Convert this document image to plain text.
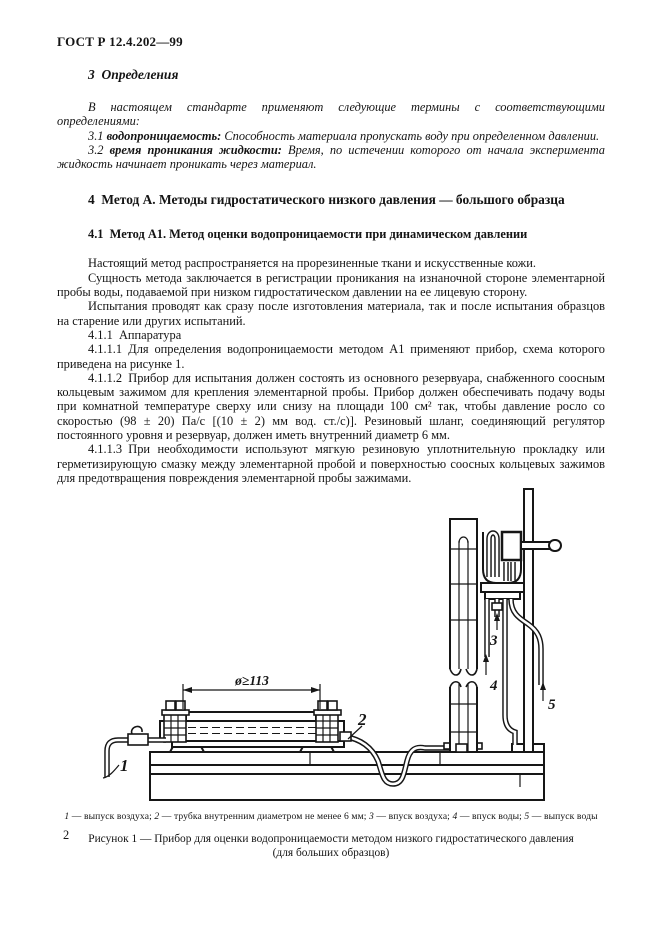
ГОСТ Р 12.4.202—99
3 Определения

В настоящем стандарте применяют следующие термины с соответствующими определениями:

3.1 водопроницаемость: Способность материала пропускать воду при определенном давлении.

3.2 время проникания жидкости: Время, по истечении которого от начала эксперимента жидкость начинает проникать через материал.

4 Метод А. Методы гидростатического низкого давления — большого образца
4.1 Метод А1. Метод оценки водопроницаемости при динамическом давлении

Настоящий метод распространяется на прорезиненные ткани и искусственные кожи.

Сущность метода заключается в регистрации проникания на изнаночной стороне элементарной пробы воды, подаваемой при низком гидростатическом давлении на ее лицевую сторону.

Испытания проводят как сразу после изготовления материала, так и после испытания образцов на старение или других испытаний.

4.1.1 Аппаратура

4.1.1.1 Для определения водопроницаемости методом А1 применяют прибор, схема которого приведена на рисунке 1.

4.1.1.2 Прибор для испытания должен состоять из основного резервуара, снабженного соосным кольцевым зажимом для крепления элементарной пробы. Прибор должен обеспечивать подачу воды при комнатной температуре сверху или снизу на площади 100 см² так, чтобы давление росло со скоростью (98 ± 20) Па/с [(10 ± 2) мм вод. ст./с)]. Резиновый шланг, соединяющий регулятор постоянного уровня и резервуар, должен иметь внутренний диаметр 6 мм.

4.1.1.3 При необходимости используют мягкую резиновую уплотнительную прокладку или герметизирующую смазку между элементарной пробой и поверхностью соосных кольцевых зажимов для предотвращения повреждения элементарной пробы зажимами.

ø≥113
1
2
3
4
5
1 — выпуск воздуха; 2 — трубка внутренним диаметром не менее 6 мм; 3 — впуск воздуха; 4 — впуск воды; 5 — выпуск воды
Рисунок 1 — Прибор для оценки водопроницаемости методом низкого гидростатического давления
(для больших образцов)
2
